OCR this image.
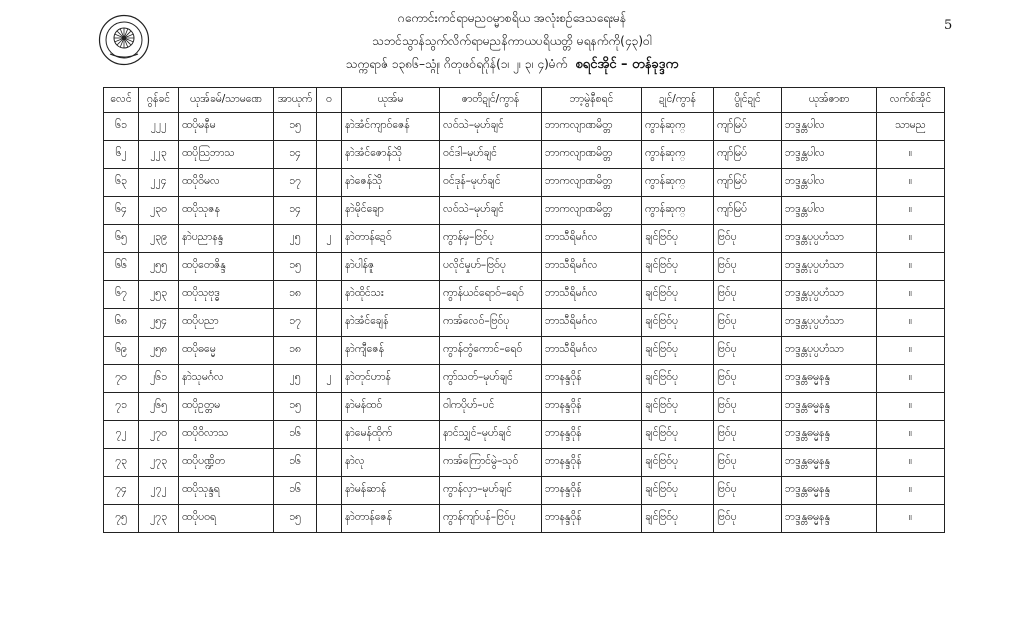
5
ဂကောင်းကင်ရာမညဝမ္မာစရိယ အလုံးစဉ်ဒေသရေးမန်
သဘင်သွာန်သွက်လိက်ရာမညနိကာယပရိယတ္တိ မရနက်ကို(၄၃)ဝါ
သက္ကရာဇ် ၁၃၈၆–သ္ဂုံ၊ ဂိတုဖဝ်ရဂိုန်(၁၊ ၂၊ ၃၊ ၄)မံက် စရင်အိုင် – တန်ခုဒ္ဒက
လေင်	ဂွန်ခင်	ယုအ်ခမ်/သာမဏေ	အာယုက်	ဝ	ယုအ်မ	ဇာတိဍုင်/ကွာန်	ဘာ့မွဲနီစရင်	ဍုင်/ကွာန်	ပွိုင်ဍုင်	ယုအ်ဇာစာ	လက်စ်အိုင်
၆၁	၂၂၂	ထပိုမနီမ	၁၅		နာဲအံင်ကျာဝ်ဇေန်	လဝ်သဲ–မုဟ်ချင်	ဘာကလျာဏမိတ္တ	ကွာန်ဆုက္	ကျာ်မြပ်	ဘဒ္ဒန္တပါလ	သာမည
၆၂	၂၂၃	ထပိုသြဘာသ	၁၄		နာဲအံင်ဇောန်သိုဲ	ဝင်ဒါ–မုဟ်ချင်	ဘာကလျာဏမိတ္တ	ကွာန်ဆုက္	ကျာ်မြပ်	ဘဒ္ဒန္တပါလ	။
၆၃	၂၂၄	ထပိုဝိမလ	၁၇		နာဲဇေန်သိုဲ	ဝင်ဒုန်–မုဟ်ချင်	ဘာကလျာဏမိတ္တ	ကွာန်ဆုက္	ကျာ်မြပ်	ဘဒ္ဒန္တပါလ	။
၆၄	၂၃၀	ထပိုသုဇန	၁၄		နာဲမိုင်ချော	လဝ်သဲ–မုဟ်ချင်	ဘာကလျာဏမိတ္တ	ကွာန်ဆုက္	ကျာ်မြပ်	ဘဒ္ဒန္တပါလ	။
၆၅	၂၃၉	နာဲပညာနန္ဒ	၂၅	၂	နာဲတာန်ဍေဝ်	ကွာန်မှ–ဗြဝ်ပု	ဘာသီရိမင်္ဂလ	ချင်ဗြဝ်ပု	ဗြဝ်ပု	ဘဒ္ဒန္တပုပ္ပဟံသာ	။
၆၆	၂၅၅	ထပိုတေဇိန္ဒ	၁၅		နာဲပါန်ဇူ	ပလိုင်မှုဟ်–ဗြဝ်ပု	ဘာသီရိမင်္ဂလ	ချင်ဗြဝ်ပု	ဗြဝ်ပု	ဘဒ္ဒန္တပုပ္ပဟံသာ	။
၆၇	၂၅၃	ထပိုသုဗုဒ္ဓ	၁၈		နာဲထိုင်သး	ကွာန်ယင်ရောဝ်–ရေဝ်	ဘာသီရိမင်္ဂလ	ချင်ဗြဝ်ပု	ဗြဝ်ပု	ဘဒ္ဒန္တပုပ္ပဟံသာ	။
၆၈	၂၅၄	ထပိုပညာ	၁၇		နာဲအံင်ချေန်	ကအ်လေဝ်–ဗြဝ်ပု	ဘာသီရိမင်္ဂလ	ချင်ဗြဝ်ပု	ဗြဝ်ပု	ဘဒ္ဒန္တပုပ္ပဟံသာ	။
၆၉	၂၅၈	ထပိုဓမ္မေ	၁၈		နာဲကျီဇေန်	ကွာန်တွံကောင်–ရေဝ်	ဘာသီရိမင်္ဂလ	ချင်ဗြဝ်ပု	ဗြဝ်ပု	ဘဒ္ဒန္တပုပ္ပဟံသာ	။
၇၀	၂၆၁	နာဲသုမင်္ဂလ	၂၅	၂	နာဲတုင်ဟာန်	ကွာ်သတ်–မုဟ်ချင်	ဘာနန္ဒဝိုန်	ချင်ဗြဝ်ပု	ဗြဝ်ပု	ဘဒ္ဒန္တဓမ္မနန္ဒ	။
၇၁	၂၆၅	ထပိုဥတ္တမ	၁၅		နာဲမန်ထဝ်	ဝါကပိုဟ်–ပင်	ဘာနန္ဒဝိုန်	ချင်ဗြဝ်ပု	ဗြဝ်ပု	ဘဒ္ဒန္တဓမ္မနန္ဒ	။
၇၂	၂၇၀	ထပိုဝိလာသ	၁၆		နာဲမေန်ထိုက်	နာင်သျှင်–မုဟ်ချင်	ဘာနန္ဒဝိုန်	ချင်ဗြဝ်ပု	ဗြဝ်ပု	ဘဒ္ဒန္တဓမ္မနန္ဒ	။
၇၃	၂၇၃	ထပိုပဏ္ဍိတ	၁၆		နာဲလု	ကအ်ကြောင်မွဲ–သုဝ်	ဘာနန္ဒဝိုန်	ချင်ဗြဝ်ပု	ဗြဝ်ပု	ဘဒ္ဒန္တဓမ္မနန္ဒ	။
၇၄	၂၇၂	ထပိုသုန္ဒရ	၁၆		နာဲမန်ဆာန်	ကွာန်လှာ–မုဟ်ချင်	ဘာနန္ဒဝိုန်	ချင်ဗြဝ်ပု	ဗြဝ်ပု	ဘဒ္ဒန္တဓမ္မနန္ဒ	။
၇၅	၂၇၃	ထပိုပဝရ	၁၅		နာဲတာန်ဇေန်	ကွာန်ကျာ်ပန်–ဗြဝ်ပု	ဘာနန္ဒဝိုန်	ချင်ဗြဝ်ပု	ဗြဝ်ပု	ဘဒ္ဒန္တဓမ္မနန္ဒ	။
